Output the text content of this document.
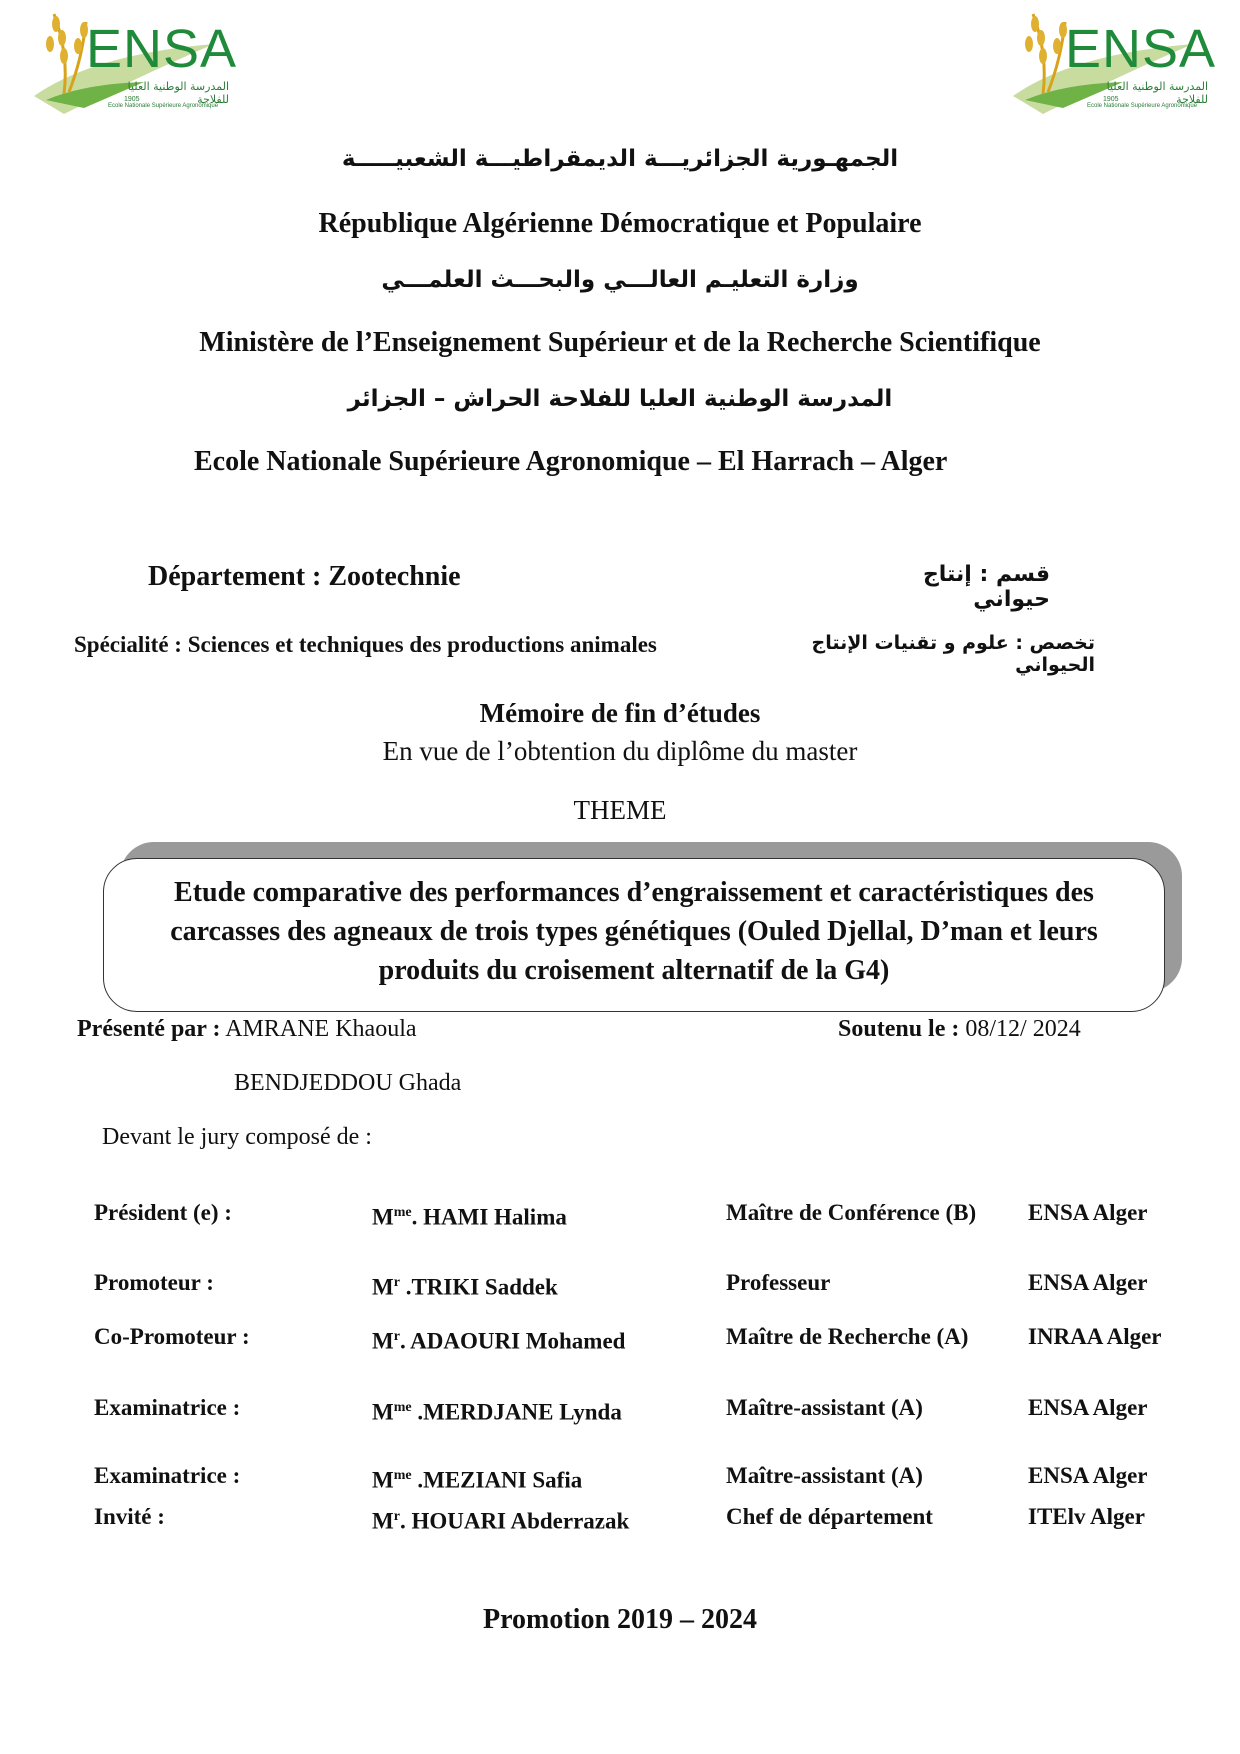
ENSA
المدرسة الوطنية العليا للفلاحة
1905
Ecole Nationale Supérieure Agronomique
ENSA
المدرسة الوطنية العليا للفلاحة
1905
Ecole Nationale Supérieure Agronomique
الجمهـورية الجزائريـــة الديمقراطيـــة الشعبيـــــة
République Algérienne Démocratique et Populaire
وزارة التعليـم العالـــي والبحـــث العلمـــي
Ministère de l’Enseignement Supérieur et de la Recherche Scientifique
المدرسة الوطنية العليا للفلاحة الحراش – الجزائر
Ecole Nationale Supérieure Agronomique – El Harrach – Alger
Département : Zootechnie	قسم : إنتاج حيواني
Spécialité : Sciences et techniques des productions animales	تخصص : علوم و تقنيات الإنتاج الحيواني
Mémoire de fin d’études
En vue de l’obtention du diplôme du master
THEME
Etude comparative des performances d’engraissement et caractéristiques des
carcasses des agneaux de trois types génétiques (Ouled Djellal, D’man et leurs
produits du croisement alternatif de la G4)
Présenté par : AMRANE Khaoula	Soutenu le : 08/12/ 2024
BENDJEDDOU Ghada
Devant le jury composé de :
Président (e) :	$M^{me}$. HAMI Halima	Maître de Conférence (B)	ENSA Alger
Promoteur :	$M^r$ .TRIKI Saddek	Professeur	ENSA Alger
Co-Promoteur :	$M^r$. ADAOURI Mohamed	Maître de Recherche (A)	INRAA Alger
Examinatrice :	$M^{me}$ .MERDJANE Lynda	Maître-assistant (A)	ENSA Alger
Examinatrice :	$M^{me}$ .MEZIANI Safia	Maître-assistant (A)	ENSA Alger
Invité :	$M^r$. HOUARI Abderrazak	Chef de département	ITElv Alger
Promotion 2019 – 2024
